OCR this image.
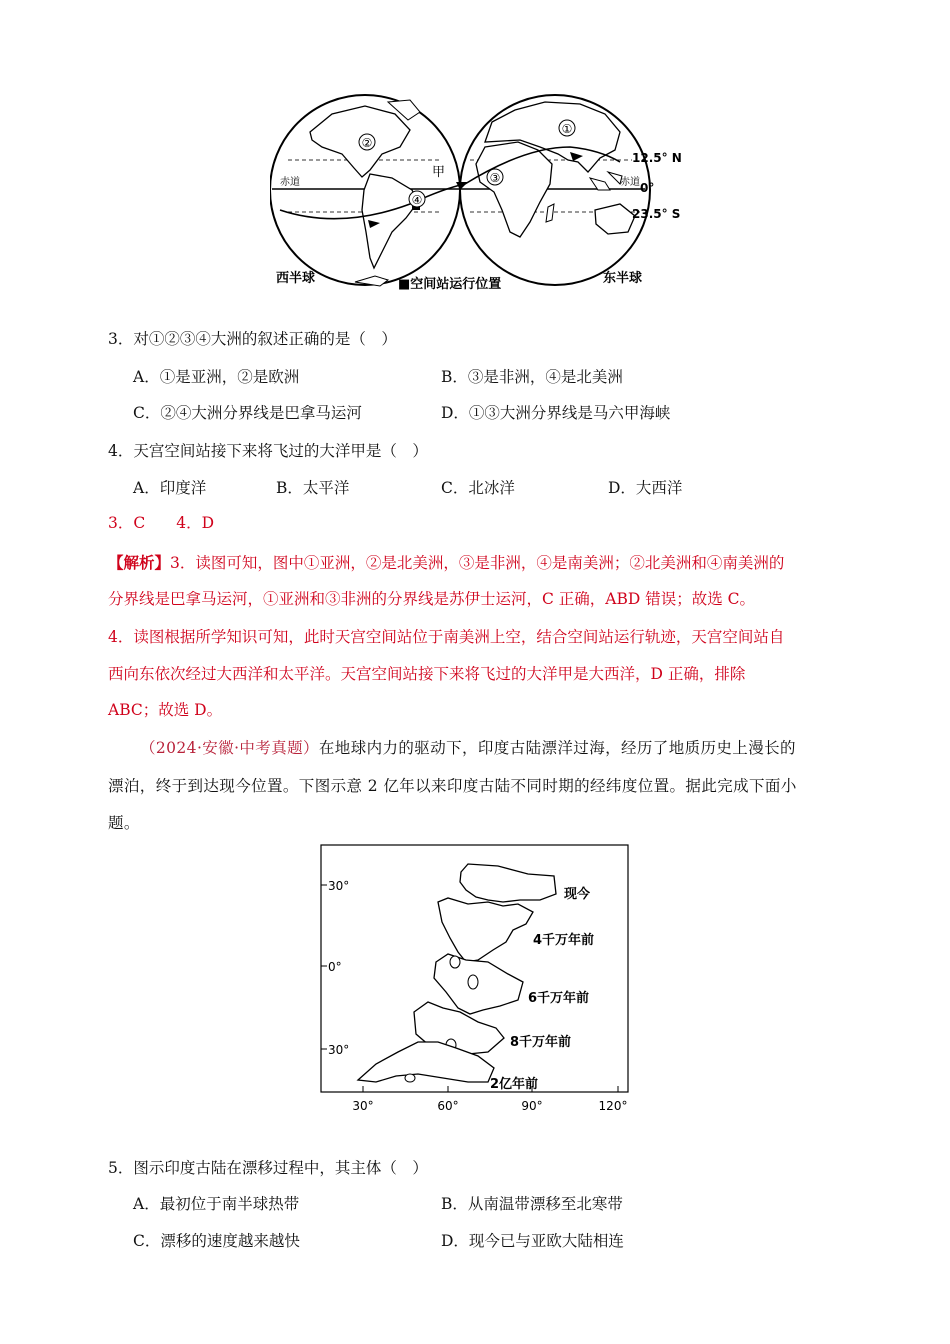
②
④
③
①
赤道	赤道
甲
12.5° N
0°
23.5° S
西半球	■空间站运行位置	东半球
3．对①②③④大洲的叙述正确的是（　）
A．①是亚洲，②是欧洲	B．③是非洲，④是北美洲
C．②④大洲分界线是巴拿马运河	D．①③大洲分界线是马六甲海峡
4．天宫空间站接下来将飞过的大洋甲是（　）
A．印度洋	B．太平洋	C．北冰洋	D．大西洋
3．C　　4．D
【解析】3．读图可知，图中①亚洲，②是北美洲，③是非洲，④是南美洲；②北美洲和④南美洲的
分界线是巴拿马运河，①亚洲和③非洲的分界线是苏伊士运河，C 正确，ABD 错误；故选 C。
4．读图根据所学知识可知，此时天宫空间站位于南美洲上空，结合空间站运行轨迹，天宫空间站自
西向东依次经过大西洋和太平洋。天宫空间站接下来将飞过的大洋甲是大西洋，D 正确，排除
ABC；故选 D。
（2024·安徽·中考真题）在地球内力的驱动下，印度古陆漂洋过海，经历了地质历史上漫长的
漂泊，终于到达现今位置。下图示意 2 亿年以来印度古陆不同时期的经纬度位置。据此完成下面小
题。
30°
0°
30°
30°	60°	90°	120°
现今
4千万年前
6千万年前
8千万年前
2亿年前
5．图示印度古陆在漂移过程中，其主体（　）
A．最初位于南半球热带	B．从南温带漂移至北寒带
C．漂移的速度越来越快	D．现今已与亚欧大陆相连
